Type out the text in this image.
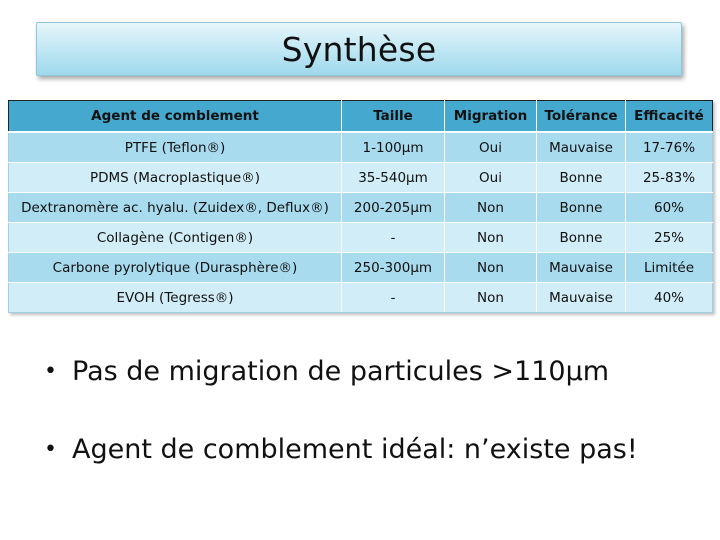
Synthèse
Agent de comblement	Taille	Migration	Tolérance	Efficacité
PTFE (Teflon®)	1-100µm	Oui	Mauvaise	17-76%
PDMS (Macroplastique®)	35-540µm	Oui	Bonne	25-83%
Dextranomère ac. hyalu. (Zuidex®, Deflux®)	200-205µm	Non	Bonne	60%
Collagène (Contigen®)	-	Non	Bonne	25%
Carbone pyrolytique (Durasphère®)	250-300µm	Non	Mauvaise	Limitée
EVOH (Tegress®)	-	Non	Mauvaise	40%
• Pas de migration de particules >110µm
• Agent de comblement idéal: n’existe pas!
